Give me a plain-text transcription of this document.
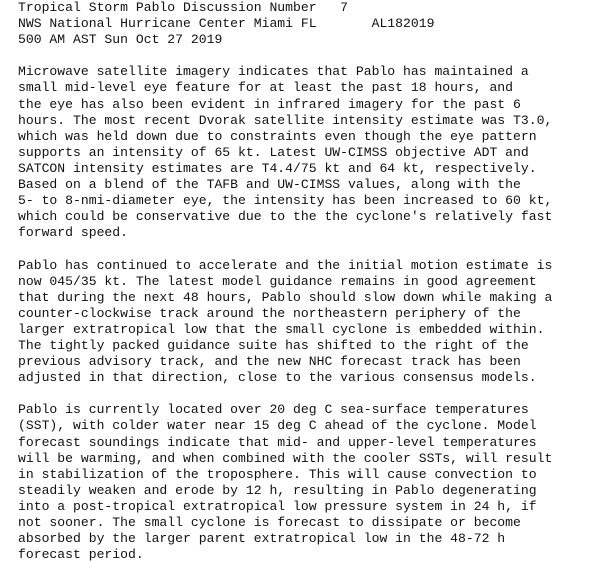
Tropical Storm Pablo Discussion Number   7
NWS National Hurricane Center Miami FL       AL182019
500 AM AST Sun Oct 27 2019
Microwave satellite imagery indicates that Pablo has maintained a
small mid-level eye feature for at least the past 18 hours, and
the eye has also been evident in infrared imagery for the past 6
hours. The most recent Dvorak satellite intensity estimate was T3.0,
which was held down due to constraints even though the eye pattern
supports an intensity of 65 kt. Latest UW-CIMSS objective ADT and
SATCON intensity estimates are T4.4/75 kt and 64 kt, respectively.
Based on a blend of the TAFB and UW-CIMSS values, along with the
5- to 8-nmi-diameter eye, the intensity has been increased to 60 kt,
which could be conservative due to the the cyclone's relatively fast
forward speed.
Pablo has continued to accelerate and the initial motion estimate is
now 045/35 kt. The latest model guidance remains in good agreement
that during the next 48 hours, Pablo should slow down while making a
counter-clockwise track around the northeastern periphery of the
larger extratropical low that the small cyclone is embedded within.
The tightly packed guidance suite has shifted to the right of the
previous advisory track, and the new NHC forecast track has been
adjusted in that direction, close to the various consensus models.
Pablo is currently located over 20 deg C sea-surface temperatures
(SST), with colder water near 15 deg C ahead of the cyclone. Model
forecast soundings indicate that mid- and upper-level temperatures
will be warming, and when combined with the cooler SSTs, will result
in stabilization of the troposphere. This will cause convection to
steadily weaken and erode by 12 h, resulting in Pablo degenerating
into a post-tropical extratropical low pressure system in 24 h, if
not sooner. The small cyclone is forecast to dissipate or become
absorbed by the larger parent extratropical low in the 48-72 h
forecast period.
